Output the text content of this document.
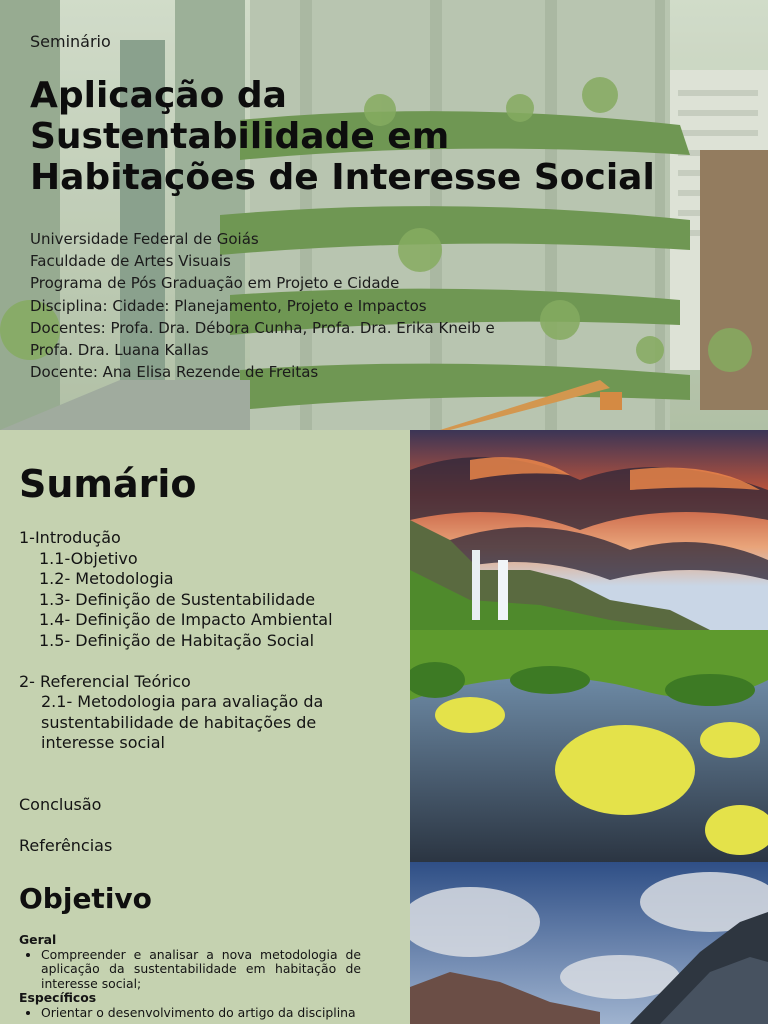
Seminário
Aplicação da
Sustentabilidade em
Habitações de Interesse Social
Universidade Federal de Goiás
Faculdade de Artes Visuais
Programa de Pós Graduação em Projeto e Cidade
Disciplina: Cidade: Planejamento, Projeto e Impactos
Docentes: Profa. Dra. Débora Cunha, Profa. Dra. Erika Kneib e
Profa. Dra. Luana Kallas
Docente: Ana Elisa Rezende de Freitas
Sumário
1-Introdução
1.1-Objetivo
1.2- Metodologia
1.3- Definição de Sustentabilidade
1.4- Definição de Impacto Ambiental
1.5- Definição de Habitação Social
2- Referencial Teórico
2.1- Metodologia para avaliação da
sustentabilidade de habitações de
interesse social
Conclusão
Referências
Objetivo
Geral
• Compreender e analisar a nova metodologia de aplicação da sustentabilidade em habitação de interesse social;
Específicos
• Orientar o desenvolvimento do artigo da disciplina
